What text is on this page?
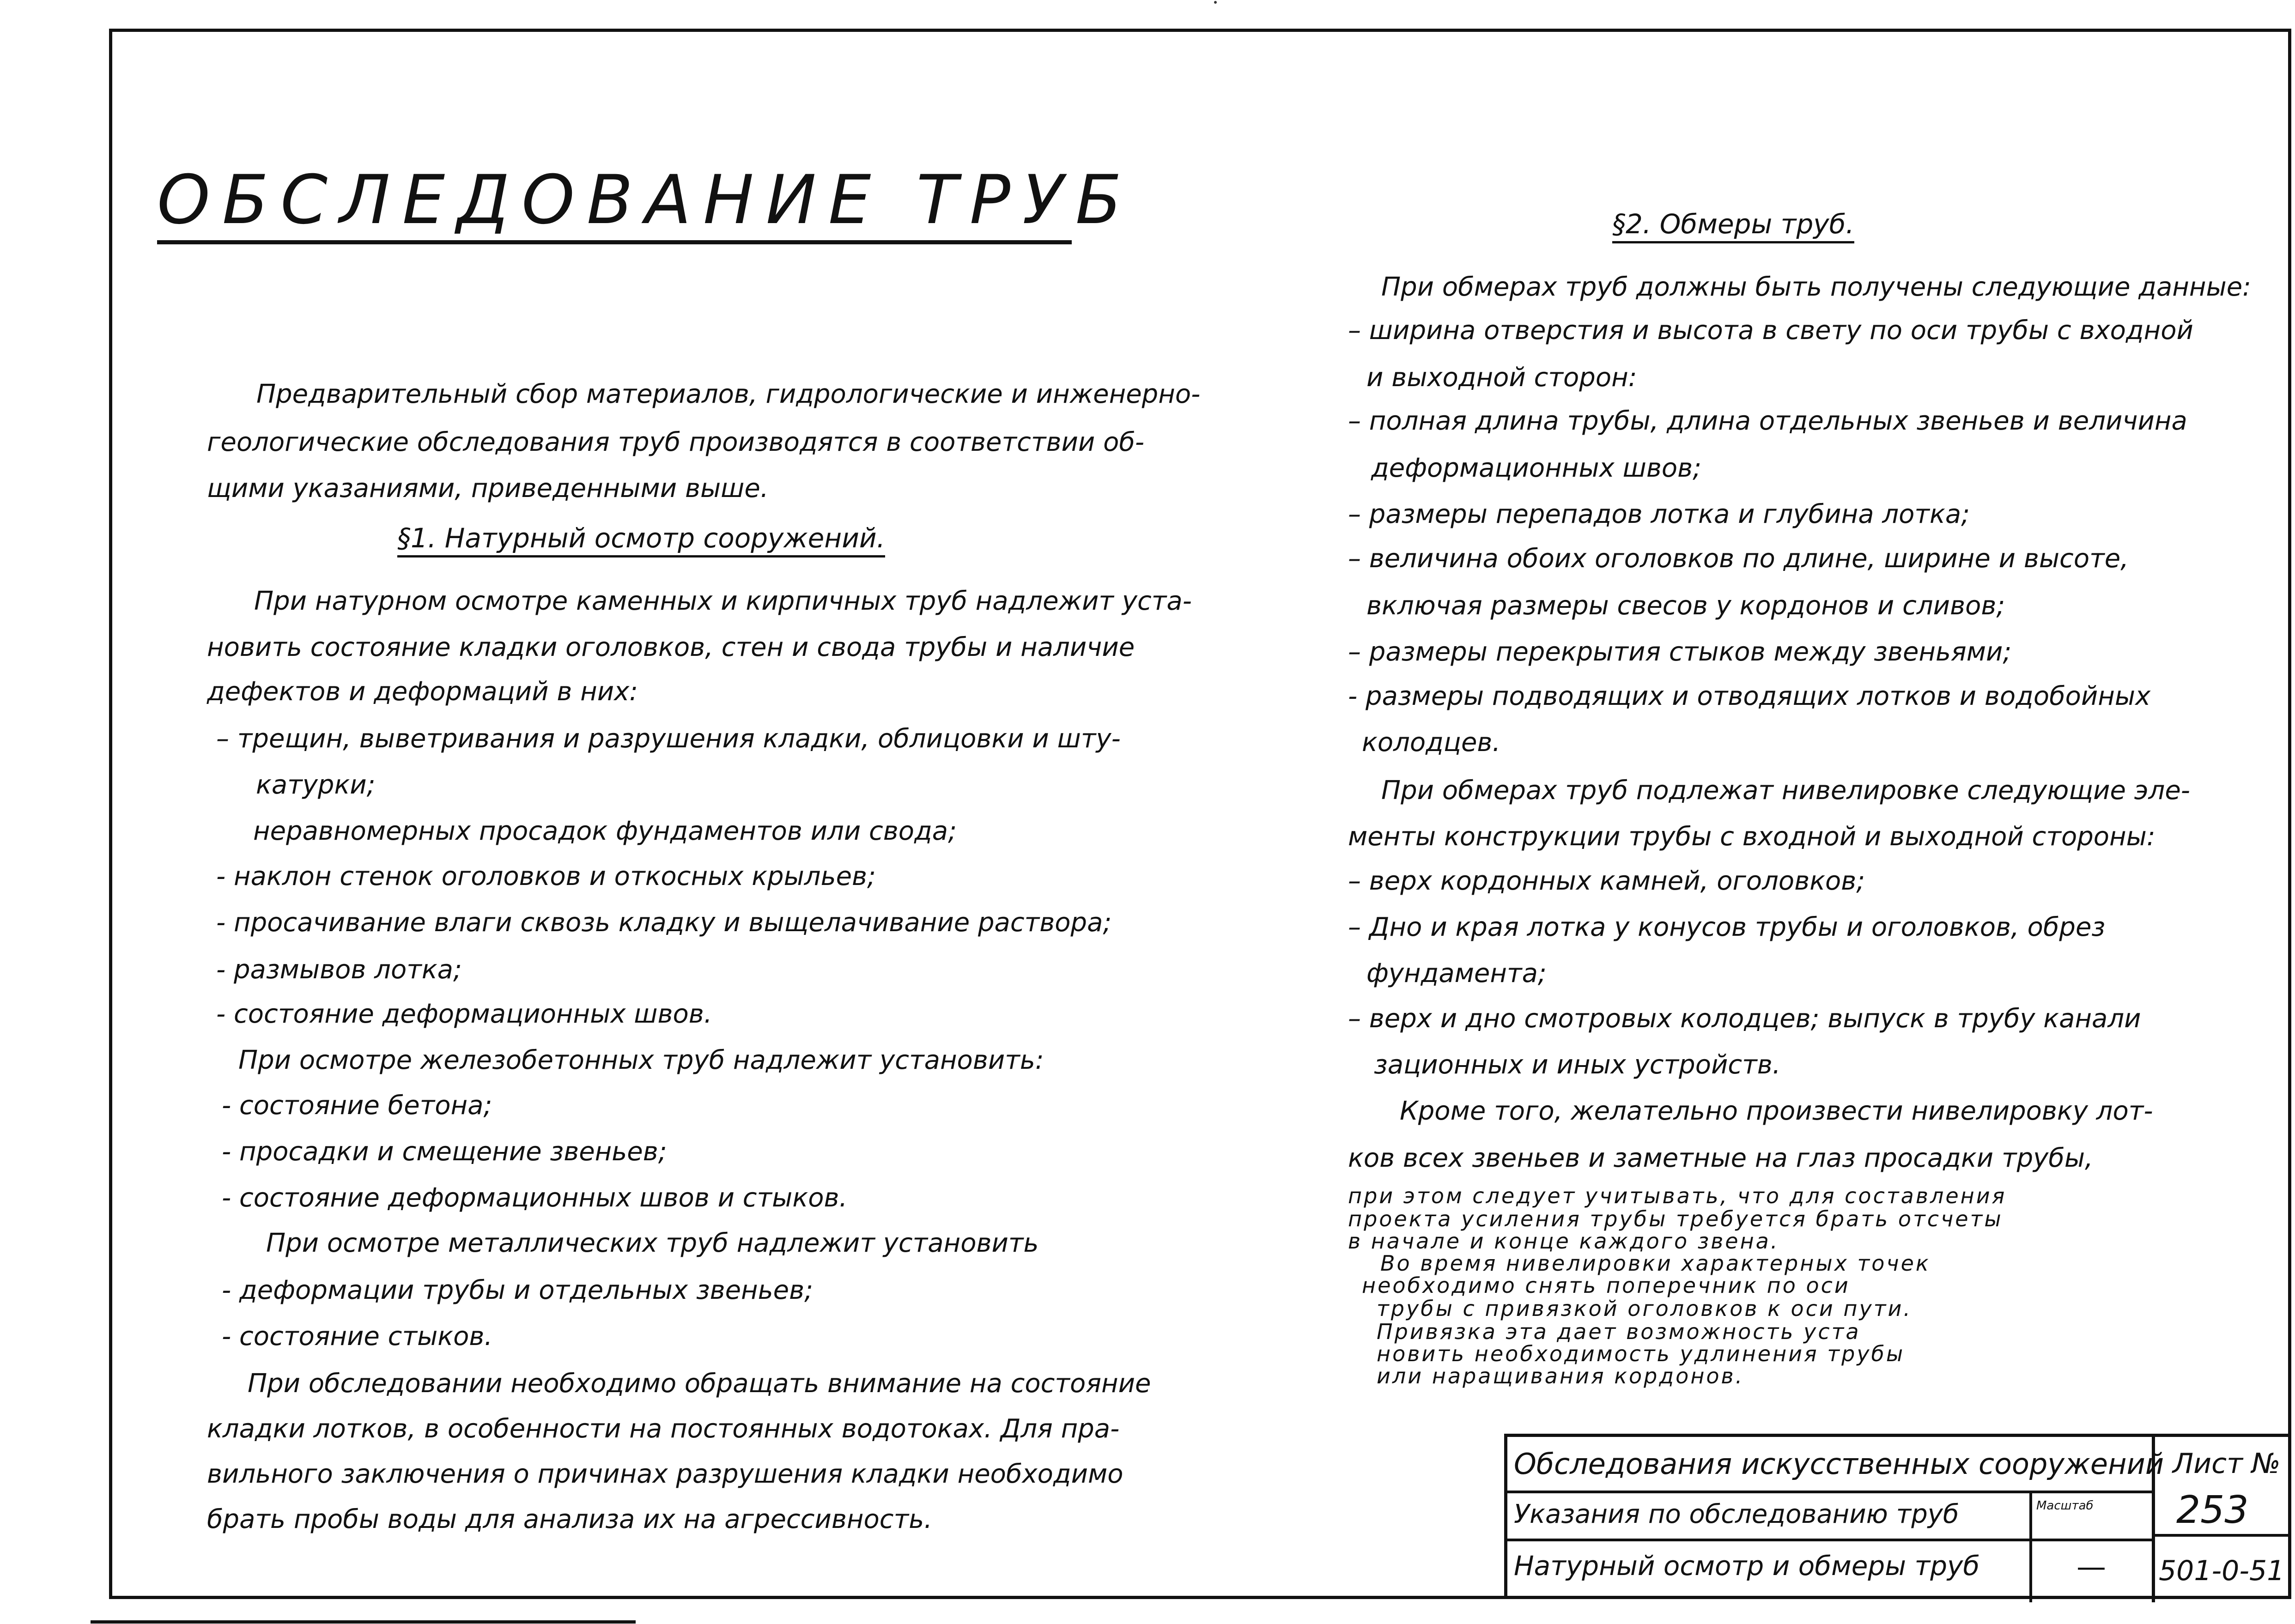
ОБСЛЕДОВАНИЕ ТРУБ
Предварительный сбор материалов, гидрологические и инженерно-
геологические обследования труб производятся в соответствии об-
щими указаниями, приведенными выше.
§1. Натурный осмотр сооружений.
При натурном осмотре каменных и кирпичных труб надлежит уста-
новить состояние кладки оголовков, стен и свода трубы и наличие
дефектов и деформаций в них:
– трещин, выветривания и разрушения кладки, облицовки и шту-
катурки;
неравномерных просадок фундаментов или свода;
- наклон стенок оголовков и откосных крыльев;
- просачивание влаги сквозь кладку и выщелачивание раствора;
- размывов лотка;
- состояние деформационных швов.
При осмотре железобетонных труб надлежит установить:
- состояние бетона;
- просадки и смещение звеньев;
- состояние деформационных швов и стыков.
При осмотре металлических труб надлежит установить
- деформации трубы и отдельных звеньев;
- состояние стыков.
При обследовании необходимо обращать внимание на состояние
кладки лотков, в особенности на постоянных водотоках. Для пра-
вильного заключения о причинах разрушения кладки необходимо
брать пробы воды для анализа их на агрессивность.
§2. Обмеры труб.
При обмерах труб должны быть получены следующие данные:
– ширина отверстия и высота в свету по оси трубы с входной
и выходной сторон:
– полная длина трубы, длина отдельных звеньев и величина
деформационных швов;
– размеры перепадов лотка и глубина лотка;
– величина обоих оголовков по длине, ширине и высоте,
включая размеры свесов у кордонов и сливов;
– размеры перекрытия стыков между звеньями;
- размеры подводящих и отводящих лотков и водобойных
колодцев.
При обмерах труб подлежат нивелировке следующие эле-
менты конструкции трубы с входной и выходной стороны:
– верх кордонных камней, оголовков;
– Дно и края лотка у конусов трубы и оголовков, обрез
фундамента;
– верх и дно смотровых колодцев; выпуск в трубу канали
зационных и иных устройств.
Кроме того, желательно произвести нивелировку лот-
ков всех звеньев и заметные на глаз просадки трубы,
при этом следует учитывать, что для составления
проекта усиления трубы требуется брать отсчеты
в начале и конце каждого звена.
Во время нивелировки характерных точек
необходимо снять поперечник по оси
трубы с привязкой оголовков к оси пути.
Привязка эта дает возможность уста
новить необходимость удлинения трубы
или наращивания кордонов.
Обследования искусственных сооружений
Указания по обследованию труб
Натурный осмотр и обмеры труб
Масштаб
—
Лист №
253
501-0-51
